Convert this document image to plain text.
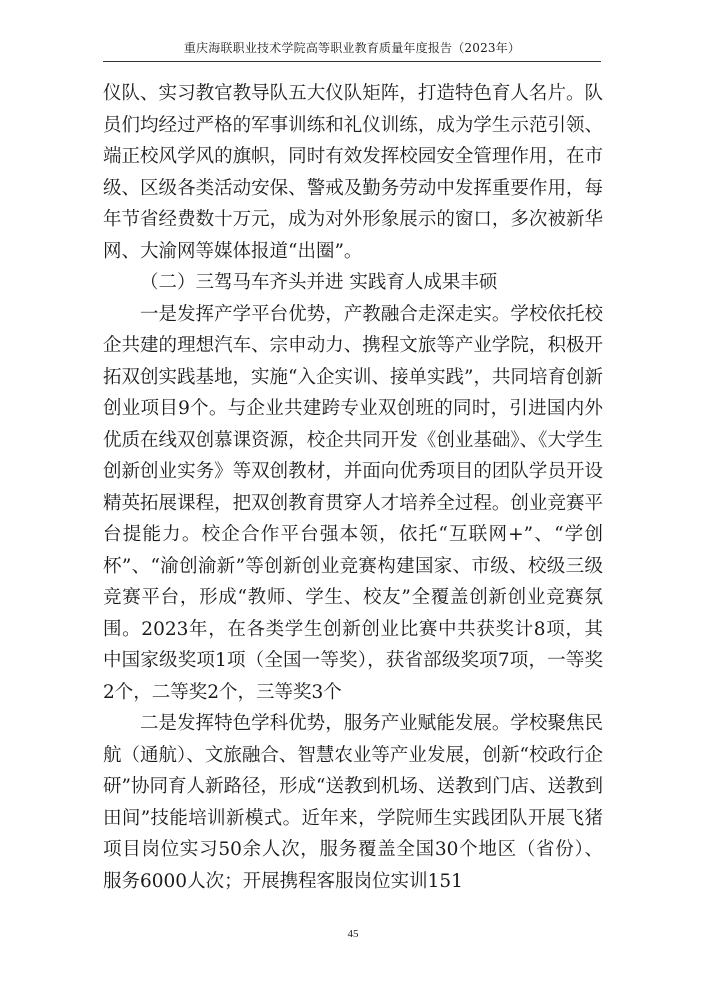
重庆海联职业技术学院高等职业教育质量年度报告（2023年）

仪队、实习教官教导队五大仪队矩阵，打造特色育人名片。队员们均经过严格的军事训练和礼仪训练，成为学生示范引领、端正校风学风的旗帜，同时有效发挥校园安全管理作用，在市级、区级各类活动安保、警戒及勤务劳动中发挥重要作用，每年节省经费数十万元，成为对外形象展示的窗口，多次被新华网、大渝网等媒体报道“出圈”。

（二）三驾马车齐头并进 实践育人成果丰硕

一是发挥产学平台优势，产教融合走深走实。学校依托校企共建的理想汽车、宗申动力、携程文旅等产业学院，积极开拓双创实践基地，实施“入企实训、接单实践”，共同培育创新创业项目9个。与企业共建跨专业双创班的同时，引进国内外优质在线双创慕课资源，校企共同开发《创业基础》、《大学生创新创业实务》等双创教材，并面向优秀项目的团队学员开设精英拓展课程，把双创教育贯穿人才培养全过程。创业竞赛平台提能力。校企合作平台强本领，依托“互联网+”、“学创杯”、“渝创渝新”等创新创业竞赛构建国家、市级、校级三级竞赛平台，形成“教师、学生、校友”全覆盖创新创业竞赛氛围。2023年，在各类学生创新创业比赛中共获奖计8项，其中国家级奖项1项（全国一等奖），获省部级奖项7项，一等奖2个，二等奖2个，三等奖3个

二是发挥特色学科优势，服务产业赋能发展。学校聚焦民航（通航）、文旅融合、智慧农业等产业发展，创新“校政行企研”协同育人新路径，形成“送教到机场、送教到门店、送教到田间”技能培训新模式。近年来，学院师生实践团队开展飞猪项目岗位实习50余人次，服务覆盖全国30个地区（省份）、服务6000人次；开展携程客服岗位实训151

45
